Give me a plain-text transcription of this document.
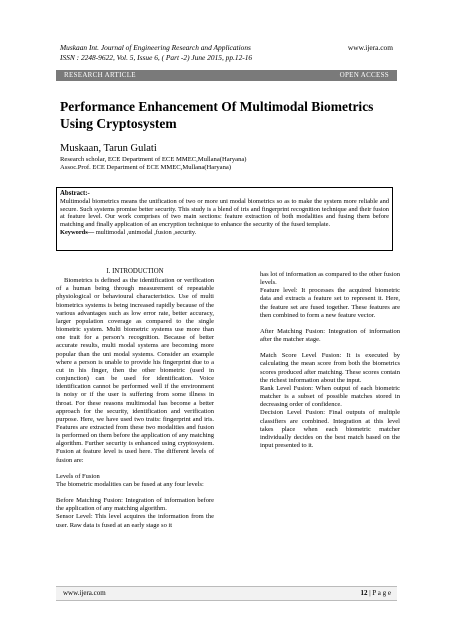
Muskaan Int. Journal of Engineering Research and Applications
ISSN : 2248-9622, Vol. 5, Issue 6, ( Part -2) June 2015, pp.12-16
www.ijera.com
RESEARCH ARTICLE	OPEN ACCESS
Performance Enhancement Of Multimodal Biometrics Using Cryptosystem
Muskaan, Tarun Gulati
Research scholar, ECE Department of ECE MMEC,Mullana(Haryana)
Assoc.Prof. ECE Department of ECE MMEC,Mullana(Haryana)
Abstract:-
Multimodal biometrics means the unification of two or more uni modal biometrics so as to make the system more reliable and secure. Such systems promise better security. This study is a blend of iris and fingerprint recognition technique and their fusion at feature level. Our work comprises of two main sections: feature extraction of both modalities and fusing them before matching and finally application of an encryption technique to enhance the security of the fused template.
Keywords— multimodal ,unimodal ,fusion ,security.
I. INTRODUCTION

Biometrics is defined as the identification or verification of a human being through measurement of repeatable physiological or behavioural characteristics. Use of multi biometrics systems is being increased rapidly because of the various advantages such as low error rate, better accuracy, larger population coverage as compared to the single biometric system. Multi biometric systems use more than one trait for a person’s recognition. Because of better accurate results, multi modal systems are becoming more popular than the uni modal systems. Consider an example where a person is unable to provide his fingerprint due to a cut in his finger, then the other biometric (used in conjunction) can be used for identification. Voice identification cannot be performed well if the environment is noisy or if the user is suffering from some illness in throat. For these reasons multimodal has become a better approach for the security, identification and verification purpose. Here, we have used two traits: fingerprint and iris. Features are extracted from these two modalities and fusion is performed on them before the application of any matching algorithm. Further security is enhanced using cryptosystem. Fusion at feature level is used here. The different levels of fusion are:

Levels of Fusion

The biometric modalities can be fused at any four levels:

Before Matching Fusion: Integration of information before the application of any matching algorithm.

Sensor Level: This level acquires the information from the user. Raw data is fused at an early stage so it

has lot of information as compared to the other fusion levels.

Feature level: It processes the acquired biometric data and extracts a feature set to represent it. Here, the feature set are fused together. These features are then combined to form a new feature vector.

After Matching Fusion: Integration of information after the matcher stage.

Match Score Level Fusion: It is executed by calculating the mean score from both the biometrics scores produced after matching. These scores contain the richest information about the input.

Rank Level Fusion: When output of each biometric matcher is a subset of possible matches stored in decreasing order of confidence.

Decision Level Fusion: Final outputs of multiple classifiers are combined. Integration at this level takes place when each biometric matcher individually decides on the best match based on the input presented to it.

www.ijera.com	12 | P a g e
